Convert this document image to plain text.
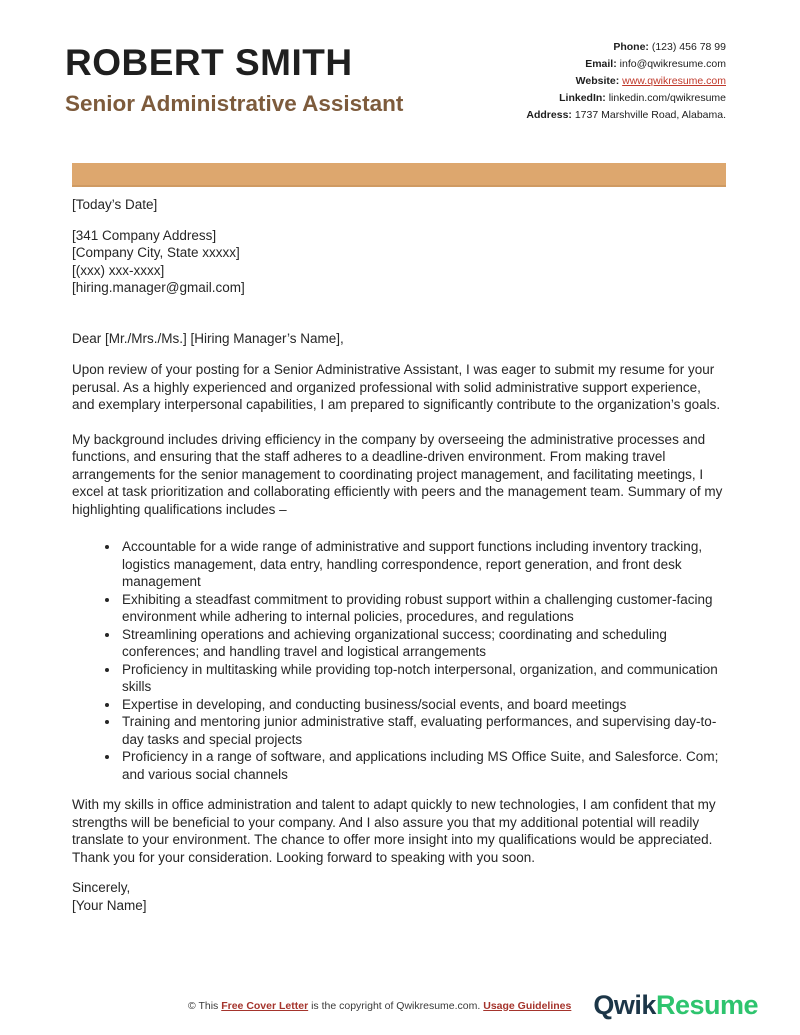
ROBERT SMITH
Senior Administrative Assistant
Phone: (123) 456 78 99
Email: info@qwikresume.com
Website: www.qwikresume.com
LinkedIn: linkedin.com/qwikresume
Address: 1737 Marshville Road, Alabama.
[Today’s Date]
[341 Company Address]
[Company City, State xxxxx]
[(xxx) xxx-xxxx]
[hiring.manager@gmail.com]
Dear [Mr./Mrs./Ms.] [Hiring Manager’s Name],
Upon review of your posting for a Senior Administrative Assistant, I was eager to submit my resume for your perusal. As a highly experienced and organized professional with solid administrative support experience, and exemplary interpersonal capabilities, I am prepared to significantly contribute to the organization’s goals.
My background includes driving efficiency in the company by overseeing the administrative processes and functions, and ensuring that the staff adheres to a deadline-driven environment. From making travel arrangements for the senior management to coordinating project management, and facilitating meetings, I excel at task prioritization and collaborating efficiently with peers and the management team. Summary of my highlighting qualifications includes –
• Accountable for a wide range of administrative and support functions including inventory tracking, logistics management, data entry, handling correspondence, report generation, and front desk management
• Exhibiting a steadfast commitment to providing robust support within a challenging customer-facing environment while adhering to internal policies, procedures, and regulations
• Streamlining operations and achieving organizational success; coordinating and scheduling conferences; and handling travel and logistical arrangements
• Proficiency in multitasking while providing top-notch interpersonal, organization, and communication skills
• Expertise in developing, and conducting business/social events, and board meetings
• Training and mentoring junior administrative staff, evaluating performances, and supervising day-to-day tasks and special projects
• Proficiency in a range of software, and applications including MS Office Suite, and Salesforce. Com; and various social channels
With my skills in office administration and talent to adapt quickly to new technologies, I am confident that my strengths will be beneficial to your company. And I also assure you that my additional potential will readily translate to your environment. The chance to offer more insight into my qualifications would be appreciated. Thank you for your consideration. Looking forward to speaking with you soon.
Sincerely,
[Your Name]
© This Free Cover Letter is the copyright of Qwikresume.com. Usage Guidelines QwikResume
